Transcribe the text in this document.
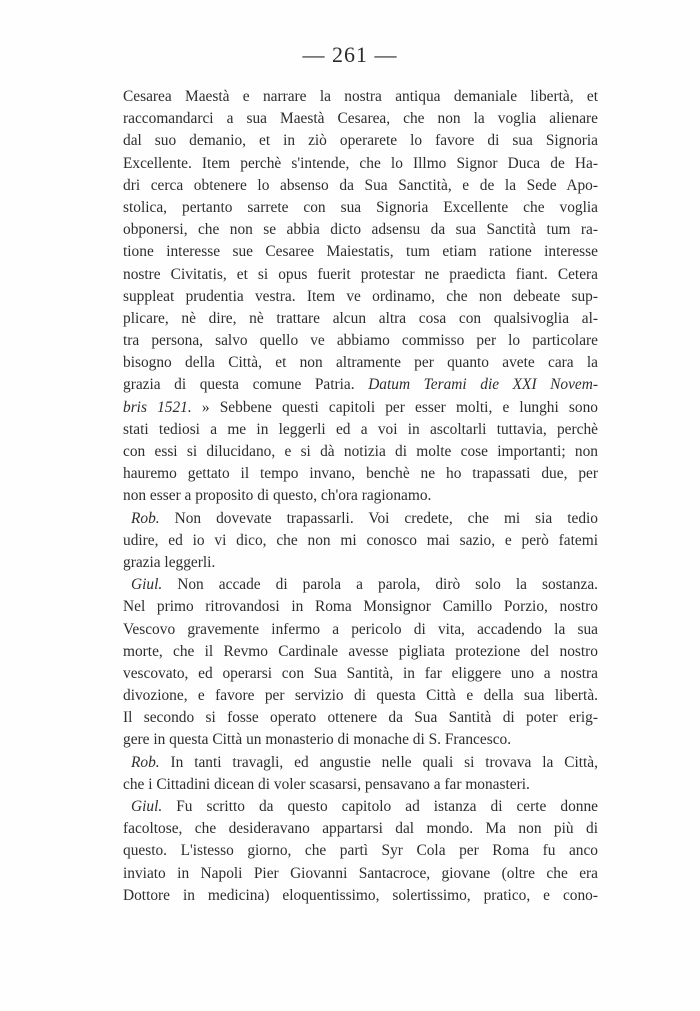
— 261 —
Cesarea Maestà e narrare la nostra antiqua demaniale libertà, et
raccomandarci a sua Maestà Cesarea, che non la voglia alienare
dal suo demanio, et in ziò operarete lo favore di sua Signoria
Excellente. Item perchè s'intende, che lo Illmo Signor Duca de Ha-
dri cerca obtenere lo absenso da Sua Sanctità, e de la Sede Apo-
stolica, pertanto sarrete con sua Signoria Excellente che voglia
obponersi, che non se abbia dicto adsensu da sua Sanctità tum ra-
tione interesse sue Cesaree Maiestatis, tum etiam ratione interesse
nostre Civitatis, et si opus fuerit protestar ne praedicta fiant. Cetera
suppleat prudentia vestra. Item ve ordinamo, che non debeate sup-
plicare, nè dire, nè trattare alcun altra cosa con qualsivoglia al-
tra persona, salvo quello ve abbiamo commisso per lo particolare
bisogno della Città, et non altramente per quanto avete cara la
grazia di questa comune Patria. Datum Terami die XXI Novem-
bris 1521. » Sebbene questi capitoli per esser molti, e lunghi sono
stati tediosi a me in leggerli ed a voi in ascoltarli tuttavia, perchè
con essi si dilucidano, e si dà notizia di molte cose importanti; non
hauremo gettato il tempo invano, benchè ne ho trapassati due, per
non esser a proposito di questo, ch'ora ragionamo.
Rob. Non dovevate trapassarli. Voi credete, che mi sia tedio
udire, ed io vi dico, che non mi conosco mai sazio, e però fatemi
grazia leggerli.
Giul. Non accade di parola a parola, dirò solo la sostanza.
Nel primo ritrovandosi in Roma Monsignor Camillo Porzio, nostro
Vescovo gravemente infermo a pericolo di vita, accadendo la sua
morte, che il Revmo Cardinale avesse pigliata protezione del nostro
vescovato, ed operarsi con Sua Santità, in far eliggere uno a nostra
divozione, e favore per servizio di questa Città e della sua libertà.
Il secondo si fosse operato ottenere da Sua Santità di poter erig-
gere in questa Città un monasterio di monache di S. Francesco.
Rob. In tanti travagli, ed angustie nelle quali si trovava la Città,
che i Cittadini dicean di voler scasarsi, pensavano a far monasteri.
Giul. Fu scritto da questo capitolo ad istanza di certe donne
facoltose, che desideravano appartarsi dal mondo. Ma non più di
questo. L'istesso giorno, che partì Syr Cola per Roma fu anco
inviato in Napoli Pier Giovanni Santacroce, giovane (oltre che era
Dottore in medicina) eloquentissimo, solertissimo, pratico, e cono-
